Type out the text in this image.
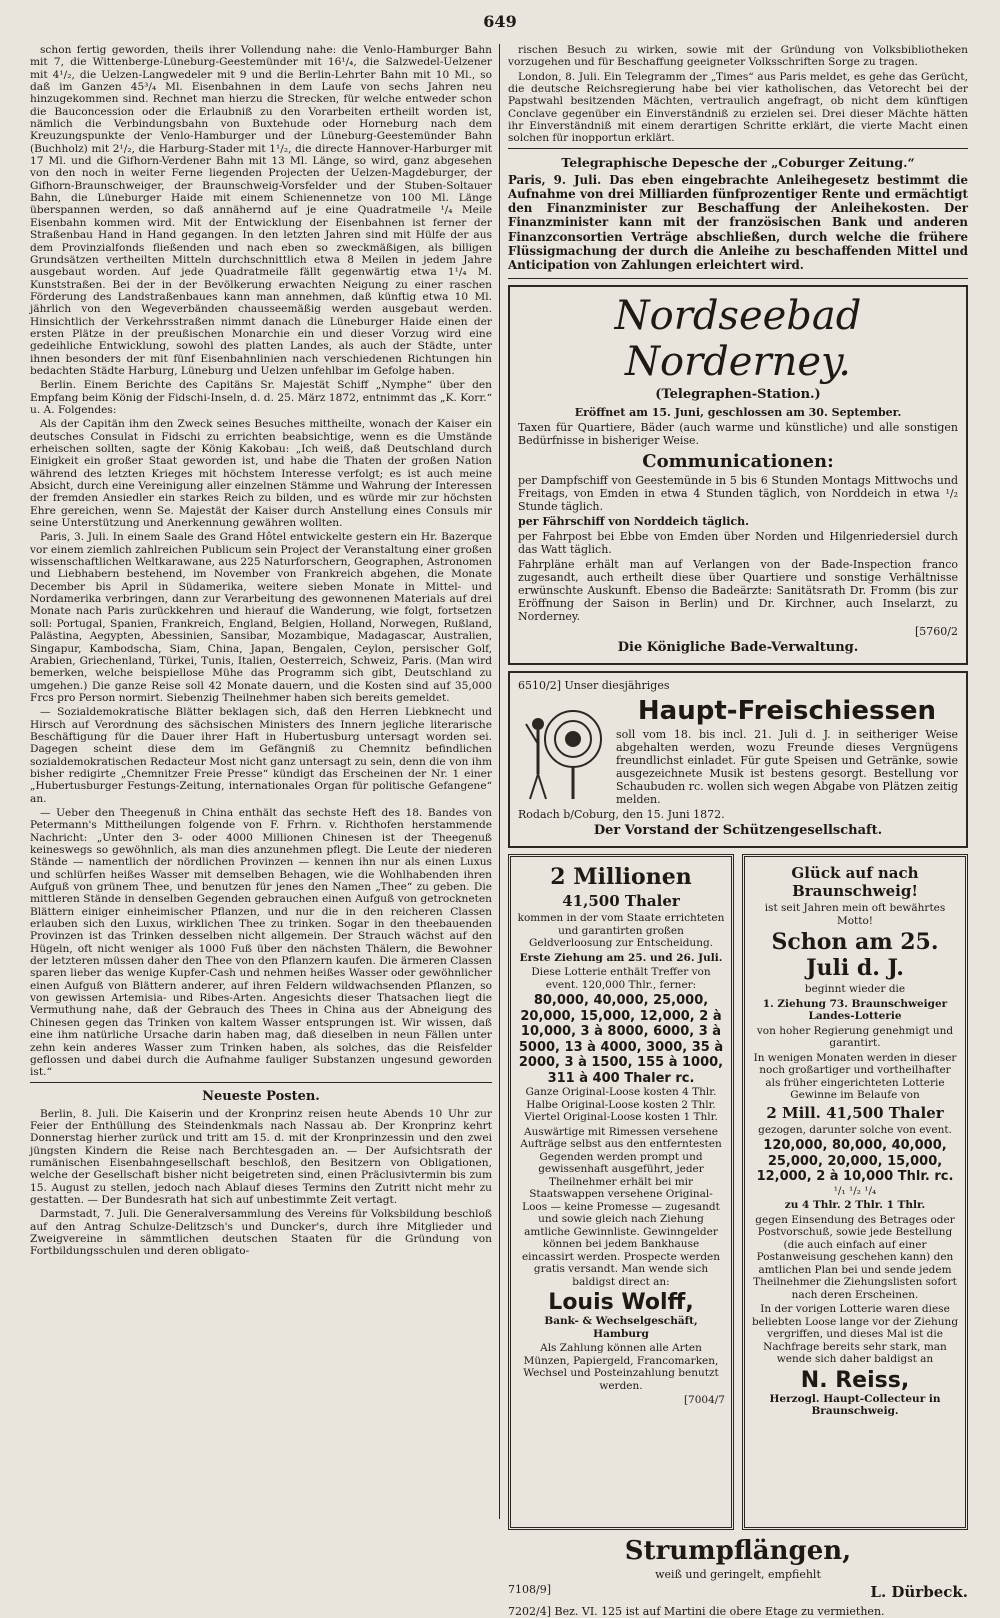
649

schon fertig geworden, theils ihrer Vollendung nahe: die Venlo-Hamburger Bahn mit 7, die Wittenberge-Lüneburg-Geestemünder mit 16¹/₄, die Salzwedel-Uelzener mit 4¹/₂, die Uelzen-Langwedeler mit 9 und die Berlin-Lehrter Bahn mit 10 Ml., so daß im Ganzen 45³/₄ Ml. Eisenbahnen in dem Laufe von sechs Jahren neu hinzugekommen sind. Rechnet man hierzu die Strecken, für welche entweder schon die Bauconcession oder die Erlaubniß zu den Vorarbeiten ertheilt worden ist, nämlich die Verbindungsbahn von Buxtehude oder Horneburg nach dem Kreuzungspunkte der Venlo-Hamburger und der Lüneburg-Geestemünder Bahn (Buchholz) mit 2¹/₂, die Harburg-Stader mit 1¹/₂, die directe Hannover-Harburger mit 17 Ml. und die Gifhorn-Verdener Bahn mit 13 Ml. Länge, so wird, ganz abgesehen von den noch in weiter Ferne liegenden Projecten der Uelzen-Magdeburger, der Gifhorn-Braunschweiger, der Braunschweig-Vorsfelder und der Stuben-Soltauer Bahn, die Lüneburger Haide mit einem Schienennetze von 100 Ml. Länge überspannen werden, so daß annähernd auf je eine Quadratmeile ¹/₄ Meile Eisenbahn kommen wird. Mit der Entwicklung der Eisenbahnen ist ferner der Straßenbau Hand in Hand gegangen. In den letzten Jahren sind mit Hülfe der aus dem Provinzialfonds fließenden und nach eben so zweckmäßigen, als billigen Grundsätzen vertheilten Mitteln durchschnittlich etwa 8 Meilen in jedem Jahre ausgebaut worden. Auf jede Quadratmeile fällt gegenwärtig etwa 1¹/₄ M. Kunststraßen. Bei der in der Bevölkerung erwachten Neigung zu einer raschen Förderung des Landstraßenbaues kann man annehmen, daß künftig etwa 10 Ml. jährlich von den Wegeverbänden chausseemäßig werden ausgebaut werden. Hinsichtlich der Verkehrsstraßen nimmt danach die Lüneburger Haide einen der ersten Plätze in der preußischen Monarchie ein und dieser Vorzug wird eine gedeihliche Entwicklung, sowohl des platten Landes, als auch der Städte, unter ihnen besonders der mit fünf Eisenbahnlinien nach verschiedenen Richtungen hin bedachten Städte Harburg, Lüneburg und Uelzen unfehlbar im Gefolge haben.

Berlin. Einem Berichte des Capitäns Sr. Majestät Schiff „Nymphe“ über den Empfang beim König der Fidschi-Inseln, d. d. 25. März 1872, entnimmt das „K. Korr.“ u. A. Folgendes:

Als der Capitän ihm den Zweck seines Besuches mittheilte, wonach der Kaiser ein deutsches Consulat in Fidschi zu errichten beabsichtige, wenn es die Umstände erheischen sollten, sagte der König Kakobau: „Ich weiß, daß Deutschland durch Einigkeit ein großer Staat geworden ist, und habe die Thaten der großen Nation während des letzten Krieges mit höchstem Interesse verfolgt; es ist auch meine Absicht, durch eine Vereinigung aller einzelnen Stämme und Wahrung der Interessen der fremden Ansiedler ein starkes Reich zu bilden, und es würde mir zur höchsten Ehre gereichen, wenn Se. Majestät der Kaiser durch Anstellung eines Consuls mir seine Unterstützung und Anerkennung gewähren wollten.

Paris, 3. Juli. In einem Saale des Grand Hôtel entwickelte gestern ein Hr. Bazerque vor einem ziemlich zahlreichen Publicum sein Project der Veranstaltung einer großen wissenschaftlichen Weltkarawane, aus 225 Naturforschern, Geographen, Astronomen und Liebhabern bestehend, im November von Frankreich abgehen, die Monate December bis April in Südamerika, weitere sieben Monate in Mittel- und Nordamerika verbringen, dann zur Verarbeitung des gewonnenen Materials auf drei Monate nach Paris zurückkehren und hierauf die Wanderung, wie folgt, fortsetzen soll: Portugal, Spanien, Frankreich, England, Belgien, Holland, Norwegen, Rußland, Palästina, Aegypten, Abessinien, Sansibar, Mozambique, Madagascar, Australien, Singapur, Kambodscha, Siam, China, Japan, Bengalen, Ceylon, persischer Golf, Arabien, Griechenland, Türkei, Tunis, Italien, Oesterreich, Schweiz, Paris. (Man wird bemerken, welche beispiellose Mühe das Programm sich gibt, Deutschland zu umgehen.) Die ganze Reise soll 42 Monate dauern, und die Kosten sind auf 35,000 Frcs pro Person normirt. Siebenzig Theilnehmer haben sich bereits gemeldet.

— Sozialdemokratische Blätter beklagen sich, daß den Herren Liebknecht und Hirsch auf Verordnung des sächsischen Ministers des Innern jegliche literarische Beschäftigung für die Dauer ihrer Haft in Hubertusburg untersagt worden sei. Dagegen scheint diese dem im Gefängniß zu Chemnitz befindlichen sozialdemokratischen Redacteur Most nicht ganz untersagt zu sein, denn die von ihm bisher redigirte „Chemnitzer Freie Presse“ kündigt das Erscheinen der Nr. 1 einer „Hubertusburger Festungs-Zeitung, internationales Organ für politische Gefangene“ an.

— Ueber den Theegenuß in China enthält das sechste Heft des 18. Bandes von Petermann's Mittheilungen folgende von F. Frhrn. v. Richthofen herstammende Nachricht: „Unter den 3- oder 4000 Millionen Chinesen ist der Theegenuß keineswegs so gewöhnlich, als man dies anzunehmen pflegt. Die Leute der niederen Stände — namentlich der nördlichen Provinzen — kennen ihn nur als einen Luxus und schlürfen heißes Wasser mit demselben Behagen, wie die Wohlhabenden ihren Aufguß von grünem Thee, und benutzen für jenes den Namen „Thee“ zu geben. Die mittleren Stände in denselben Gegenden gebrauchen einen Aufguß von getrockneten Blättern einiger einheimischer Pflanzen, und nur die in den reicheren Classen erlauben sich den Luxus, wirklichen Thee zu trinken. Sogar in den theebauenden Provinzen ist das Trinken desselben nicht allgemein. Der Strauch wächst auf den Hügeln, oft nicht weniger als 1000 Fuß über den nächsten Thälern, die Bewohner der letzteren müssen daher den Thee von den Pflanzern kaufen. Die ärmeren Classen sparen lieber das wenige Kupfer-Cash und nehmen heißes Wasser oder gewöhnlicher einen Aufguß von Blättern anderer, auf ihren Feldern wildwachsenden Pflanzen, so von gewissen Artemisia- und Ribes-Arten. Angesichts dieser Thatsachen liegt die Vermuthung nahe, daß der Gebrauch des Thees in China aus der Abneigung des Chinesen gegen das Trinken von kaltem Wasser entsprungen ist. Wir wissen, daß eine ihm natürliche Ursache darin haben mag, daß dieselben in neun Fällen unter zehn kein anderes Wasser zum Trinken haben, als solches, das die Reisfelder geflossen und dabei durch die Aufnahme fauliger Substanzen ungesund geworden ist.“

Neueste Posten.

Berlin, 8. Juli. Die Kaiserin und der Kronprinz reisen heute Abends 10 Uhr zur Feier der Enthüllung des Steindenkmals nach Nassau ab. Der Kronprinz kehrt Donnerstag hierher zurück und tritt am 15. d. mit der Kronprinzessin und den zwei jüngsten Kindern die Reise nach Berchtesgaden an. — Der Aufsichtsrath der rumänischen Eisenbahngesellschaft beschloß, den Besitzern von Obligationen, welche der Gesellschaft bisher nicht beigetreten sind, einen Präclusivtermin bis zum 15. August zu stellen, jedoch nach Ablauf dieses Termins den Zutritt nicht mehr zu gestatten. — Der Bundesrath hat sich auf unbestimmte Zeit vertagt.

Darmstadt, 7. Juli. Die Generalversammlung des Vereins für Volksbildung beschloß auf den Antrag Schulze-Delitzsch's und Duncker's, durch ihre Mitglieder und Zweigvereine in sämmtlichen deutschen Staaten für die Gründung von Fortbildungsschulen und deren obligato-

rischen Besuch zu wirken, sowie mit der Gründung von Volksbibliotheken vorzugehen und für Beschaffung geeigneter Volksschriften Sorge zu tragen.

London, 8. Juli. Ein Telegramm der „Times“ aus Paris meldet, es gehe das Gerücht, die deutsche Reichsregierung habe bei vier katholischen, das Vetorecht bei der Papstwahl besitzenden Mächten, vertraulich angefragt, ob nicht dem künftigen Conclave gegenüber ein Einverständniß zu erzielen sei. Drei dieser Mächte hätten ihr Einverständniß mit einem derartigen Schritte erklärt, die vierte Macht einen solchen für inopportun erklärt.

Telegraphische Depesche der „Coburger Zeitung.“
Paris, 9. Juli. Das eben eingebrachte Anleihegesetz bestimmt die Aufnahme von drei Milliarden fünfprozentiger Rente und ermächtigt den Finanzminister zur Beschaffung der Anleihekosten. Der Finanzminister kann mit der französischen Bank und anderen Finanzconsortien Verträge abschließen, durch welche die frühere Flüssigmachung der durch die Anleihe zu beschaffenden Mittel und Anticipation von Zahlungen erleichtert wird.
Nordseebad Norderney.
(Telegraphen-Station.)
Eröffnet am 15. Juni, geschlossen am 30. September.
Taxen für Quartiere, Bäder (auch warme und künstliche) und alle sonstigen Bedürfnisse in bisheriger Weise.
Communicationen:
per Dampfschiff von Geestemünde in 5 bis 6 Stunden Montags Mittwochs und Freitags, von Emden in etwa 4 Stunden täglich, von Norddeich in etwa ¹/₂ Stunde täglich.
per Fährschiff von Norddeich täglich.
per Fahrpost bei Ebbe von Emden über Norden und Hilgenriedersiel durch das Watt täglich.
Fahrpläne erhält man auf Verlangen von der Bade-Inspection franco zugesandt, auch ertheilt diese über Quartiere und sonstige Verhältnisse erwünschte Auskunft. Ebenso die Badeärzte: Sanitätsrath Dr. Fromm (bis zur Eröffnung der Saison in Berlin) und Dr. Kirchner, auch Inselarzt, zu Norderney.
[5760/2
Die Königliche Bade-Verwaltung.
6510/2] Unser diesjähriges
Haupt-Freischiessen
soll vom 18. bis incl. 21. Juli d. J. in seitheriger Weise abgehalten werden, wozu Freunde dieses Vergnügens freundlichst einladet. Für gute Speisen und Getränke, sowie ausgezeichnete Musik ist bestens gesorgt. Bestellung vor Schaubuden rc. wollen sich wegen Abgabe von Plätzen zeitig melden.
Rodach b/Coburg, den 15. Juni 1872.
Der Vorstand der Schützengesellschaft.
2 Millionen
41,500 Thaler
kommen in der vom Staate errichteten und garantirten großen Geldverloosung zur Entscheidung.
Erste Ziehung am 25. und 26. Juli.
Diese Lotterie enthält Treffer von event. 120,000 Thlr., ferner:
80,000, 40,000, 25,000, 20,000, 15,000, 12,000, 2 à 10,000, 3 à 8000, 6000, 3 à 5000, 13 à 4000, 3000, 35 à 2000, 3 à 1500, 155 à 1000, 311 à 400 Thaler rc.
Ganze Original-Loose kosten 4 Thlr. Halbe Original-Loose kosten 2 Thlr. Viertel Original-Loose kosten 1 Thlr.
Auswärtige mit Rimessen versehene Aufträge selbst aus den entferntesten Gegenden werden prompt und gewissenhaft ausgeführt, jeder Theilnehmer erhält bei mir Staatswappen versehene Original-Loos — keine Promesse — zugesandt und sowie gleich nach Ziehung amtliche Gewinnliste. Gewinngelder können bei jedem Bankhause eincassirt werden. Prospecte werden gratis versandt. Man wende sich baldigst direct an:
Louis Wolff,
Bank- & Wechselgeschäft, Hamburg
Als Zahlung können alle Arten Münzen, Papiergeld, Francomarken, Wechsel und Posteinzahlung benutzt werden.
[7004/7
Glück auf nach Braunschweig!
ist seit Jahren mein oft bewährtes Motto!
Schon am 25. Juli d. J.
beginnt wieder die
1. Ziehung 73. Braunschweiger Landes-Lotterie
von hoher Regierung genehmigt und garantirt.
In wenigen Monaten werden in dieser noch großartiger und vortheilhafter als früher eingerichteten Lotterie Gewinne im Belaufe von
2 Mill. 41,500 Thaler
gezogen, darunter solche von event.
120,000, 80,000, 40,000, 25,000, 20,000, 15,000, 12,000, 2 à 10,000 Thlr. rc.
¹/₁ ¹/₂ ¹/₄
zu 4 Thlr. 2 Thlr. 1 Thlr.
gegen Einsendung des Betrages oder Postvorschuß, sowie jede Bestellung (die auch einfach auf einer Postanweisung geschehen kann) den amtlichen Plan bei und sende jedem Theilnehmer die Ziehungslisten sofort nach deren Erscheinen.
In der vorigen Lotterie waren diese beliebten Loose lange vor der Ziehung vergriffen, und dieses Mal ist die Nachfrage bereits sehr stark, man wende sich daher baldigst an
N. Reiss,
Herzogl. Haupt-Collecteur in Braunschweig.
Strumpflängen,
weiß und geringelt, empfiehlt
7108/9]	L. Dürbeck.
7202/4] Bez. VI. 125 ist auf Martini die obere Etage zu vermiethen.
